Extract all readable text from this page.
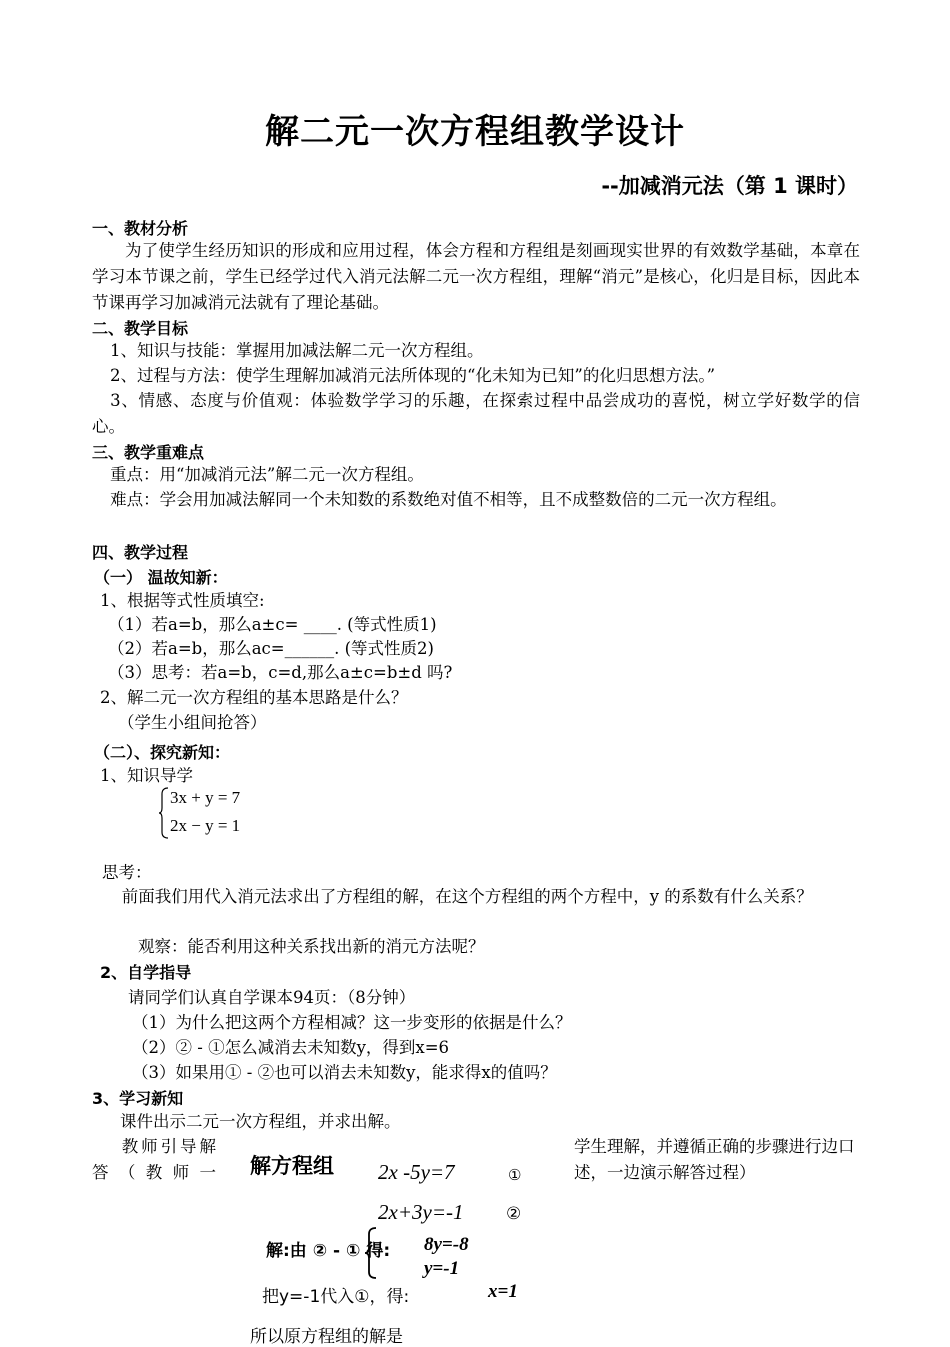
解二元一次方程组教学设计
--加减消元法（第 1 课时）
一、教材分析
为了使学生经历知识的形成和应用过程，体会方程和方程组是刻画现实世界的有效数学基础，本章在学习本节课之前，学生已经学过代入消元法解二元一次方程组，理解“消元”是核心，化归是目标，因此本节课再学习加减消元法就有了理论基础。
二、教学目标
1、知识与技能：掌握用加减法解二元一次方程组。
2、过程与方法：使学生理解加减消元法所体现的“化未知为已知”的化归思想方法。”
3、情感、态度与价值观：体验数学学习的乐趣，在探索过程中品尝成功的喜悦，树立学好数学的信心。
三、教学重难点
重点：用“加减消元法”解二元一次方程组。
难点：学会用加减法解同一个未知数的系数绝对值不相等，且不成整数倍的二元一次方程组。
四、教学过程
（一） 温故知新：
1、根据等式性质填空:
（1）若a=b，那么a±c= ____. (等式性质1)
（2）若a=b，那么ac=______. (等式性质2)
（3）思考：若a=b，c=d,那么a±c=b±d 吗?
2、解二元一次方程组的基本思路是什么？
（学生小组间抢答）
（二）、探究新知：
1、知识导学
3x + y = 7
2x − y = 1
思考：
前面我们用代入消元法求出了方程组的解，在这个方程组的两个方程中，y 的系数有什么关系？
观察：能否利用这种关系找出新的消元方法呢？
2、自学指导
请同学们认真自学课本94页：（8分钟）
（1）为什么把这两个方程相减？这一步变形的依据是什么？
（2）② - ①怎么减消去未知数y，得到x=6
（3）如果用① - ②也可以消去未知数y，能求得x的值吗？
3、学习新知
课件出示二元一次方程组，并求出解。
教师引导解答（教师一
学生理解，并遵循正确的步骤进行边口述，一边演示解答过程）
解方程组 2x -5y=7	①
2x+3y=-1	②
解:由 ② - ① 得: 8y=-8
y=-1
把y=-1代入①，得:	x=1
所以原方程组的解是
